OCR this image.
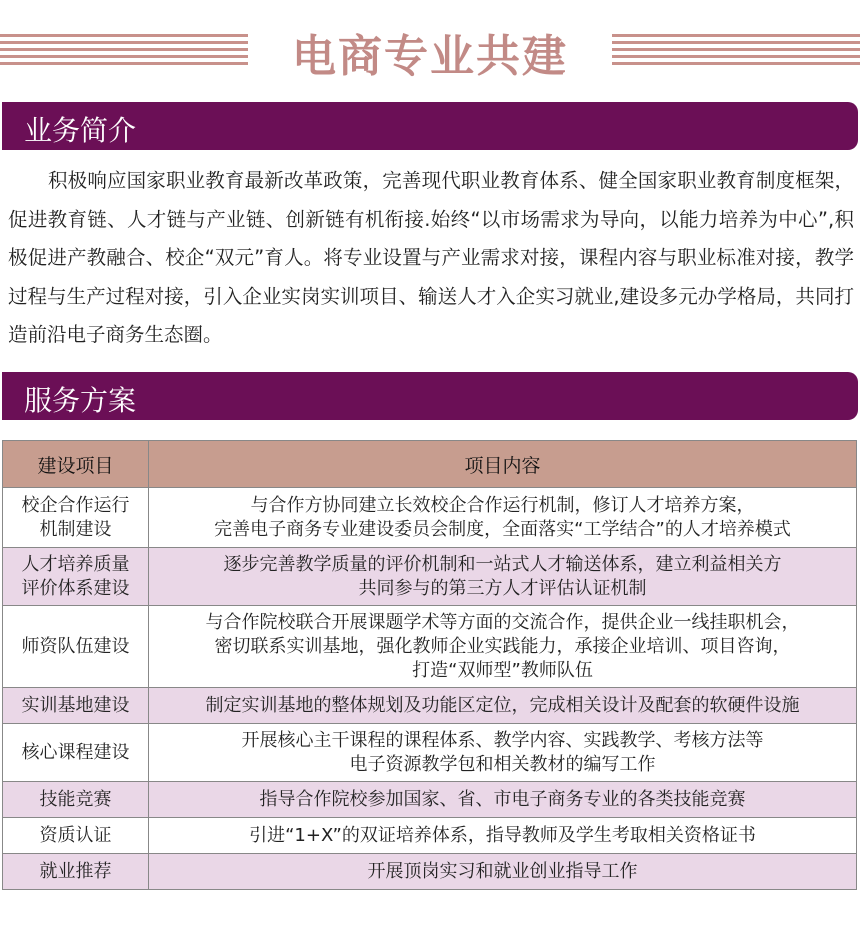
电商专业共建
业务简介

积极响应国家职业教育最新改革政策，完善现代职业教育体系、健全国家职业教育制度框架，促进教育链、人才链与产业链、创新链有机衔接.始终“以市场需求为导向，以能力培养为中心”,积极促进产教融合、校企“双元”育人。将专业设置与产业需求对接，课程内容与职业标准对接，教学过程与生产过程对接，引入企业实岗实训项目、输送人才入企实习就业,建设多元办学格局，共同打造前沿电子商务生态圈。

服务方案
建设项目	项目内容

校企合作运行
机制建设	与合作方协同建立长效校企合作运行机制，修订人才培养方案，
完善电子商务专业建设委员会制度，全面落实“工学结合”的人才培养模式

人才培养质量
评价体系建设	逐步完善教学质量的评价机制和一站式人才输送体系，建立利益相关方
共同参与的第三方人才评估认证机制

师资队伍建设	与合作院校联合开展课题学术等方面的交流合作，提供企业一线挂职机会，
密切联系实训基地，强化教师企业实践能力，承接企业培训、项目咨询，
打造“双师型”教师队伍

实训基地建设	制定实训基地的整体规划及功能区定位，完成相关设计及配套的软硬件设施

核心课程建设	开展核心主干课程的课程体系、教学内容、实践教学、考核方法等
电子资源教学包和相关教材的编写工作

技能竞赛	指导合作院校参加国家、省、市电子商务专业的各类技能竞赛

资质认证	引进“1+X”的双证培养体系，指导教师及学生考取相关资格证书

就业推荐	开展顶岗实习和就业创业指导工作
